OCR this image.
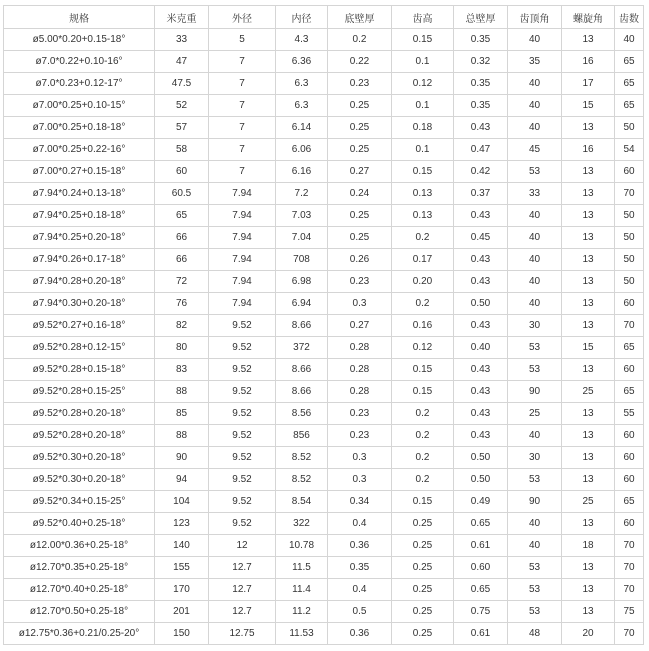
规格	米克重	外径	内径	底壁厚	齿高	总壁厚	齿顶角	螺旋角	齿数
ø5.00*0.20+0.15-18°	33	5	4.3	0.2	0.15	0.35	40	13	40
ø7.0*0.22+0.10-16°	47	7	6.36	0.22	0.1	0.32	35	16	65
ø7.0*0.23+0.12-17°	47.5	7	6.3	0.23	0.12	0.35	40	17	65
ø7.00*0.25+0.10-15°	52	7	6.3	0.25	0.1	0.35	40	15	65
ø7.00*0.25+0.18-18°	57	7	6.14	0.25	0.18	0.43	40	13	50
ø7.00*0.25+0.22-16°	58	7	6.06	0.25	0.1	0.47	45	16	54
ø7.00*0.27+0.15-18°	60	7	6.16	0.27	0.15	0.42	53	13	60
ø7.94*0.24+0.13-18°	60.5	7.94	7.2	0.24	0.13	0.37	33	13	70
ø7.94*0.25+0.18-18°	65	7.94	7.03	0.25	0.13	0.43	40	13	50
ø7.94*0.25+0.20-18°	66	7.94	7.04	0.25	0.2	0.45	40	13	50
ø7.94*0.26+0.17-18°	66	7.94	708	0.26	0.17	0.43	40	13	50
ø7.94*0.28+0.20-18°	72	7.94	6.98	0.23	0.20	0.43	40	13	50
ø7.94*0.30+0.20-18°	76	7.94	6.94	0.3	0.2	0.50	40	13	60
ø9.52*0.27+0.16-18°	82	9.52	8.66	0.27	0.16	0.43	30	13	70
ø9.52*0.28+0.12-15°	80	9.52	372	0.28	0.12	0.40	53	15	65
ø9.52*0.28+0.15-18°	83	9.52	8.66	0.28	0.15	0.43	53	13	60
ø9.52*0.28+0.15-25°	88	9.52	8.66	0.28	0.15	0.43	90	25	65
ø9.52*0.28+0.20-18°	85	9.52	8.56	0.23	0.2	0.43	25	13	55
ø9.52*0.28+0.20-18°	88	9.52	856	0.23	0.2	0.43	40	13	60
ø9.52*0.30+0.20-18°	90	9.52	8.52	0.3	0.2	0.50	30	13	60
ø9.52*0.30+0.20-18°	94	9.52	8.52	0.3	0.2	0.50	53	13	60
ø9.52*0.34+0.15-25°	104	9.52	8.54	0.34	0.15	0.49	90	25	65
ø9.52*0.40+0.25-18°	123	9.52	322	0.4	0.25	0.65	40	13	60
ø12.00*0.36+0.25-18°	140	12	10.78	0.36	0.25	0.61	40	18	70
ø12.70*0.35+0.25-18°	155	12.7	11.5	0.35	0.25	0.60	53	13	70
ø12.70*0.40+0.25-18°	170	12.7	11.4	0.4	0.25	0.65	53	13	70
ø12.70*0.50+0.25-18°	201	12.7	11.2	0.5	0.25	0.75	53	13	75
ø12.75*0.36+0.21/0.25-20°	150	12.75	11.53	0.36	0.25	0.61	48	20	70
